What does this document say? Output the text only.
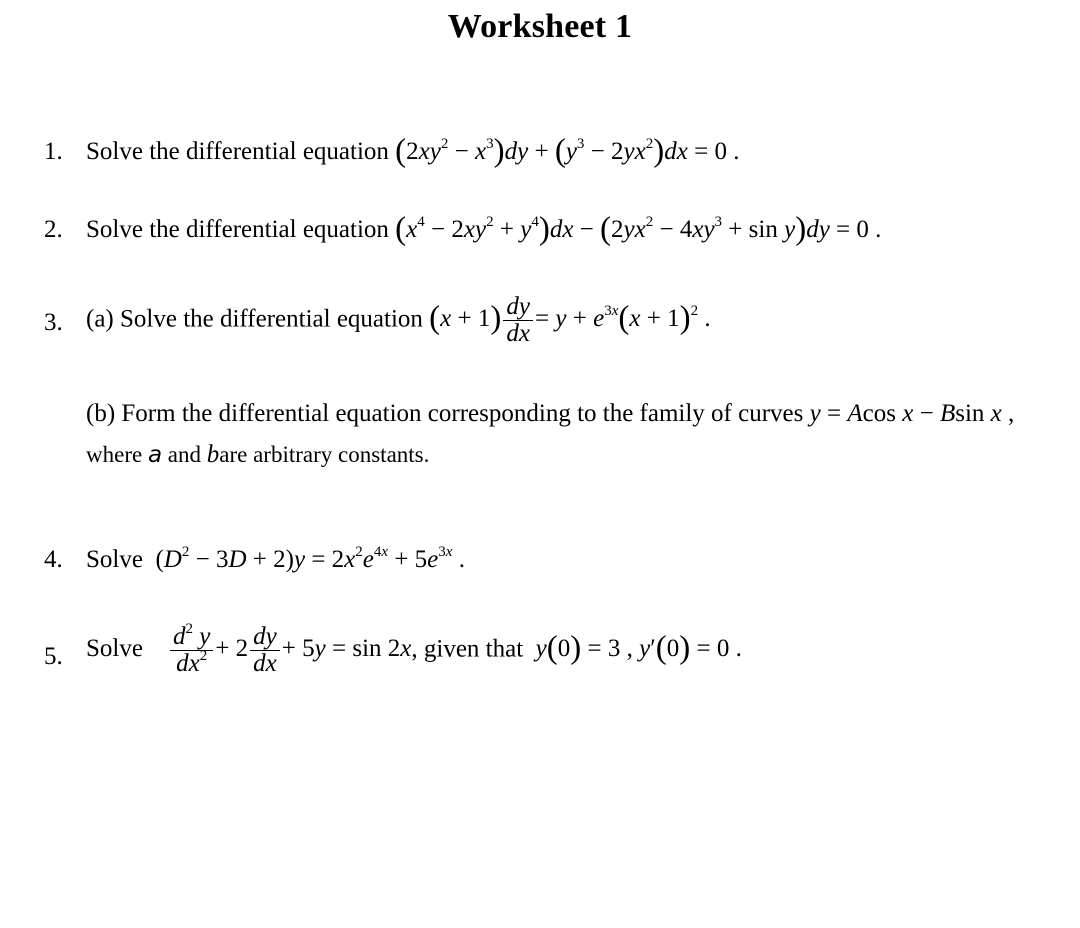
Worksheet 1
1. Solve the differential equation $(2xy^2 - x^3)dy + (y^3 - 2yx^2)dx = 0$ .
2. Solve the differential equation $(x^4 - 2xy^2 + y^4)dx - (2yx^2 - 4xy^3 + \sin y)dy = 0$ .
3. (a) Solve the differential equation $(x + 1) \frac{dy}{dx} = y + e^{3x}(x + 1)^2$ .
(b) Form the differential equation corresponding to the family of curves y = Acos x − Bsin x ,
where a and bare arbitrary constants.
4. Solve  $(D^2 - 3D + 2)y = 2x^2e^{4x} + 5e^{3x}$ .
5. Solve $\frac{d^2 y}{dx^2} + 2 \frac{dy}{dx} + 5y = \sin 2x$, given that  y(0) = 3 , y′(0) = 0 .
